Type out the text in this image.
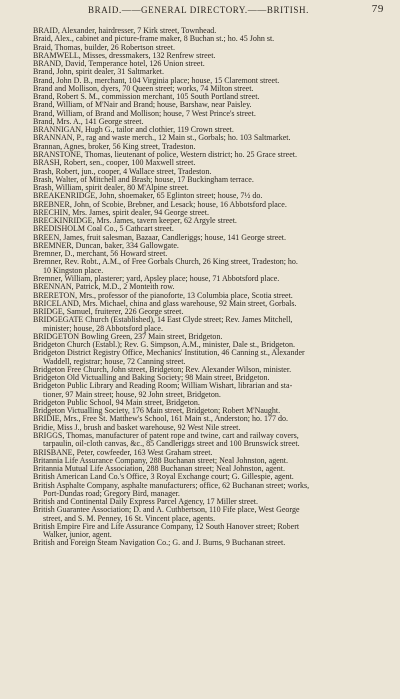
BRAID.——GENERAL DIRECTORY.——BRITISH.	79
BRAID, Alexander, hairdresser, 7 Kirk street, Townhead.
Braid, Alex., cabinet and picture-frame maker, 8 Buchan st.; ho. 45 John st.
Braid, Thomas, builder, 26 Robertson street.
BRAMWELL, Misses, dressmakers, 132 Renfrew street.
BRAND, David, Temperance hotel, 126 Union street.
Brand, John, spirit dealer, 31 Saltmarket.
Brand, John D. B., merchant, 104 Virginia place; house, 15 Claremont street.
Brand and Mollison, dyers, 70 Queen street; works, 74 Milton street.
Brand, Robert S. M., commission merchant, 105 South Portland street.
Brand, William, of M'Nair and Brand; house, Barshaw, near Paisley.
Brand, William, of Brand and Mollison; house, 7 West Prince's street.
Brand, Mrs. A., 141 George street.
BRANNIGAN, Hugh G., tailor and clothier, 119 Crown street.
BRANNAN, P., rag and waste merch., 12 Main st., Gorbals; ho. 103 Saltmarket.
Brannan, Agnes, broker, 56 King street, Tradeston.
BRANSTONE, Thomas, lieutenant of police, Western district; ho. 25 Grace street.
BRASH, Robert, sen., cooper, 100 Maxwell street.
Brash, Robert, jun., cooper, 4 Wallace street, Tradeston.
Brash, Walter, of Mitchell and Brash; house, 17 Buckingham terrace.
Brash, William, spirit dealer, 80 M'Alpine street.
BREAKENRIDGE, John, shoemaker, 65 Eglinton street; house, 7½ do.
BREBNER, John, of Scobie, Brebner, and Lesack; house, 16 Abbotsford place.
BRECHIN, Mrs. James, spirit dealer, 94 George street.
BRECKINRIDGE, Mrs. James, tavern keeper, 62 Argyle street.
BREDISHOLM Coal Co., 5 Cathcart street.
BREEN, James, fruit salesman, Bazaar, Candleriggs; house, 141 George street.
BREMNER, Duncan, baker, 334 Gallowgate.
Bremner, D., merchant, 56 Howard street.
Bremner, Rev. Robt., A.M., of Free Gorbals Church, 26 King street, Tradeston; ho.
10 Kingston place.
Bremner, William, plasterer; yard, Apsley place; house, 71 Abbotsford place.
BRENNAN, Patrick, M.D., 2 Monteith row.
BRERETON, Mrs., professor of the pianoforte, 13 Columbia place, Scotia street.
BRICELAND, Mrs. Michael, china and glass warehouse, 92 Main street, Gorbals.
BRIDGE, Samuel, fruiterer, 226 George street.
BRIDGEGATE Church (Established), 14 East Clyde street; Rev. James Mitchell,
minister; house, 28 Abbotsford place.
BRIDGETON Bowling Green, 237 Main street, Bridgeton.
Bridgeton Church (Establ.); Rev. G. Simpson, A.M., minister, Dale st., Bridgeton.
Bridgeton District Registry Office, Mechanics' Institution, 46 Canning st., Alexander
Waddell, registrar; house, 72 Canning street.
Bridgeton Free Church, John street, Bridgeton; Rev. Alexander Wilson, minister.
Bridgeton Old Victualling and Baking Society; 98 Main street, Bridgeton.
Bridgeton Public Library and Reading Room; William Wishart, librarian and sta-
tioner, 97 Main street; house, 92 John street, Bridgeton.
Bridgeton Public School, 94 Main street, Bridgeton.
Bridgeton Victualling Society, 176 Main street, Bridgeton; Robert M'Naught.
BRIDIE, Mrs., Free St. Matthew's School, 161 Main st., Anderston; ho. 177 do.
Bridie, Miss J., brush and basket warehouse, 92 West Nile street.
BRIGGS, Thomas, manufacturer of patent rope and twine, cart and railway covers,
tarpaulin, oil-cloth canvas, &c., 85 Candleriggs street and 100 Brunswick street.
BRISBANE, Peter, cowfeeder, 163 West Graham street.
Britannia Life Assurance Company, 288 Buchanan street; Neal Johnston, agent.
Britannia Mutual Life Association, 288 Buchanan street; Neal Johnston, agent.
British American Land Co.'s Office, 3 Royal Exchange court; G. Gillespie, agent.
British Asphalte Company, asphalte manufacturers; office, 62 Buchanan street; works,
Port-Dundas road; Gregory Bird, manager.
British and Continental Daily Express Parcel Agency, 17 Miller street.
British Guarantee Association; D. and A. Cuthbertson, 110 Fife place, West George
street, and S. M. Penney, 16 St. Vincent place, agents.
British Empire Fire and Life Assurance Company, 12 South Hanover street; Robert
Walker, junior, agent.
British and Foreign Steam Navigation Co.; G. and J. Burns, 9 Buchanan street.
